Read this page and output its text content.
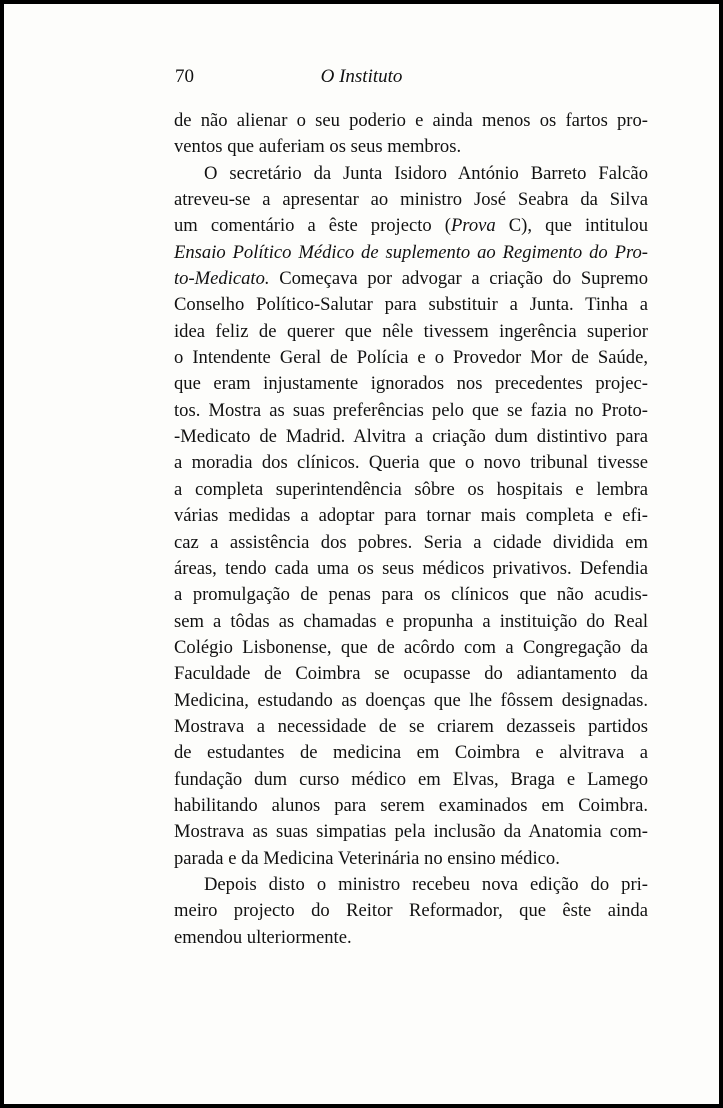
70	O Instituto
de não alienar o seu poderio e ainda menos os fartos pro-
ventos que auferiam os seus membros.
O secretário da Junta Isidoro António Barreto Falcão
atreveu-se a apresentar ao ministro José Seabra da Silva
um comentário a êste projecto (Prova C), que intitulou
Ensaio Político Médico de suplemento ao Regimento do Pro-
to-Medicato. Começava por advogar a criação do Supremo
Conselho Político-Salutar para substituir a Junta. Tinha a
idea feliz de querer que nêle tivessem ingerência superior
o Intendente Geral de Polícia e o Provedor Mor de Saúde,
que eram injustamente ignorados nos precedentes projec-
tos. Mostra as suas preferências pelo que se fazia no Proto-
-Medicato de Madrid. Alvitra a criação dum distintivo para
a moradia dos clínicos. Queria que o novo tribunal tivesse
a completa superintendência sôbre os hospitais e lembra
várias medidas a adoptar para tornar mais completa e efi-
caz a assistência dos pobres. Seria a cidade dividida em
áreas, tendo cada uma os seus médicos privativos. Defendia
a promulgação de penas para os clínicos que não acudis-
sem a tôdas as chamadas e propunha a instituição do Real
Colégio Lisbonense, que de acôrdo com a Congregação da
Faculdade de Coimbra se ocupasse do adiantamento da
Medicina, estudando as doenças que lhe fôssem designadas.
Mostrava a necessidade de se criarem dezasseis partidos
de estudantes de medicina em Coimbra e alvitrava a
fundação dum curso médico em Elvas, Braga e Lamego
habilitando alunos para serem examinados em Coimbra.
Mostrava as suas simpatias pela inclusão da Anatomia com-
parada e da Medicina Veterinária no ensino médico.
Depois disto o ministro recebeu nova edição do pri-
meiro projecto do Reitor Reformador, que êste ainda
emendou ulteriormente.
